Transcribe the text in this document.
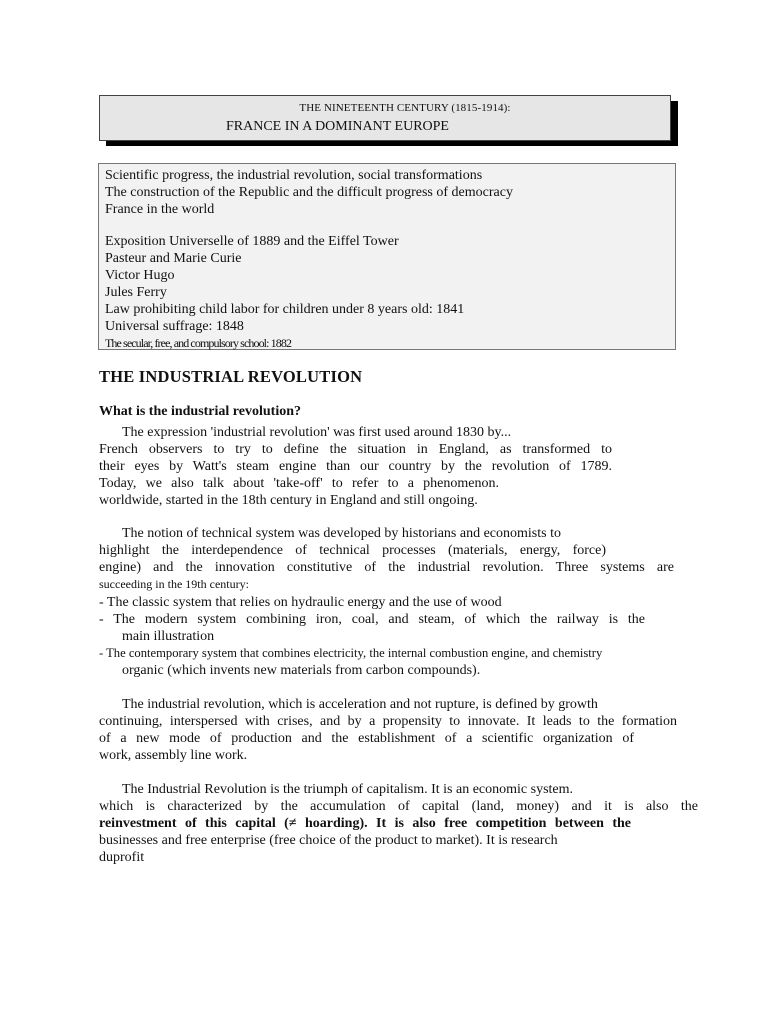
THE NINETEENTH CENTURY (1815-1914):
FRANCE IN A DOMINANT EUROPE
Scientific progress, the industrial revolution, social transformations
The construction of the Republic and the difficult progress of democracy
France in the world
Exposition Universelle of 1889 and the Eiffel Tower
Pasteur and Marie Curie
Victor Hugo
Jules Ferry
Law prohibiting child labor for children under 8 years old: 1841
Universal suffrage: 1848
The secular, free, and compulsory school: 1882
THE INDUSTRIAL REVOLUTION
What is the industrial revolution?
The expression 'industrial revolution' was first used around 1830 by...
French observers to try to define the situation in England, as transformed to
their eyes by Watt's steam engine than our country by the revolution of 1789.
Today, we also talk about 'take-off' to refer to a phenomenon.
worldwide, started in the 18th century in England and still ongoing.
The notion of technical system was developed by historians and economists to
highlight the interdependence of technical processes (materials, energy, force)
engine) and the innovation constitutive of the industrial revolution. Three systems are
succeeding in the 19th century:
- The classic system that relies on hydraulic energy and the use of wood
- The modern system combining iron, coal, and steam, of which the railway is the
main illustration
- The contemporary system that combines electricity, the internal combustion engine, and chemistry
organic (which invents new materials from carbon compounds).
The industrial revolution, which is acceleration and not rupture, is defined by growth
continuing, interspersed with crises, and by a propensity to innovate. It leads to the formation
of a new mode of production and the establishment of a scientific organization of
work, assembly line work.
The Industrial Revolution is the triumph of capitalism. It is an economic system.
which is characterized by the accumulation of capital (land, money) and it is also the
reinvestment of this capital (≠ hoarding). It is also free competition between the
businesses and free enterprise (free choice of the product to market). It is research
duprofit
